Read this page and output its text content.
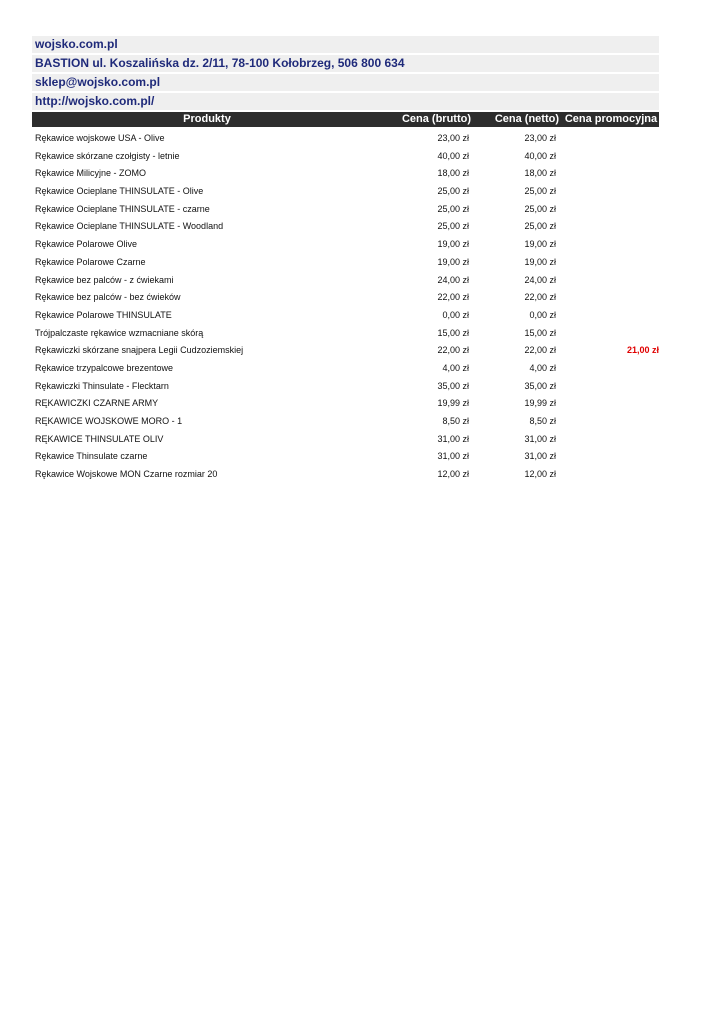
wojsko.com.pl
BASTION ul. Koszalińska dz. 2/11, 78-100 Kołobrzeg, 506 800 634
sklep@wojsko.com.pl
http://wojsko.com.pl/
Produkty	Cena (brutto)	Cena (netto) Cena promocyjna
Rękawice wojskowe USA - Olive	23,00 zł	23,00 zł
Rękawice skórzane czołgisty - letnie	40,00 zł	40,00 zł
Rękawice Milicyjne - ZOMO	18,00 zł	18,00 zł
Rękawice Ocieplane THINSULATE - Olive	25,00 zł	25,00 zł
Rękawice Ocieplane THINSULATE - czarne	25,00 zł	25,00 zł
Rękawice Ocieplane THINSULATE - Woodland	25,00 zł	25,00 zł
Rękawice Polarowe Olive	19,00 zł	19,00 zł
Rękawice Polarowe Czarne	19,00 zł	19,00 zł
Rękawice bez palców - z ćwiekami	24,00 zł	24,00 zł
Rękawice bez palców - bez ćwieków	22,00 zł	22,00 zł
Rękawice Polarowe THINSULATE	0,00 zł	0,00 zł
Trójpalczaste rękawice wzmacniane skórą	15,00 zł	15,00 zł
Rękawiczki skórzane snajpera Legii Cudzoziemskiej	22,00 zł	22,00 zł	21,00 zł
Rękawice trzypalcowe brezentowe	4,00 zł	4,00 zł
Rękawiczki Thinsulate - Flecktarn	35,00 zł	35,00 zł
RĘKAWICZKI CZARNE ARMY	19,99 zł	19,99 zł
RĘKAWICE WOJSKOWE MORO - 1	8,50 zł	8,50 zł
RĘKAWICE THINSULATE OLIV	31,00 zł	31,00 zł
Rękawice Thinsulate czarne	31,00 zł	31,00 zł
Rękawice Wojskowe MON Czarne rozmiar 20	12,00 zł	12,00 zł
